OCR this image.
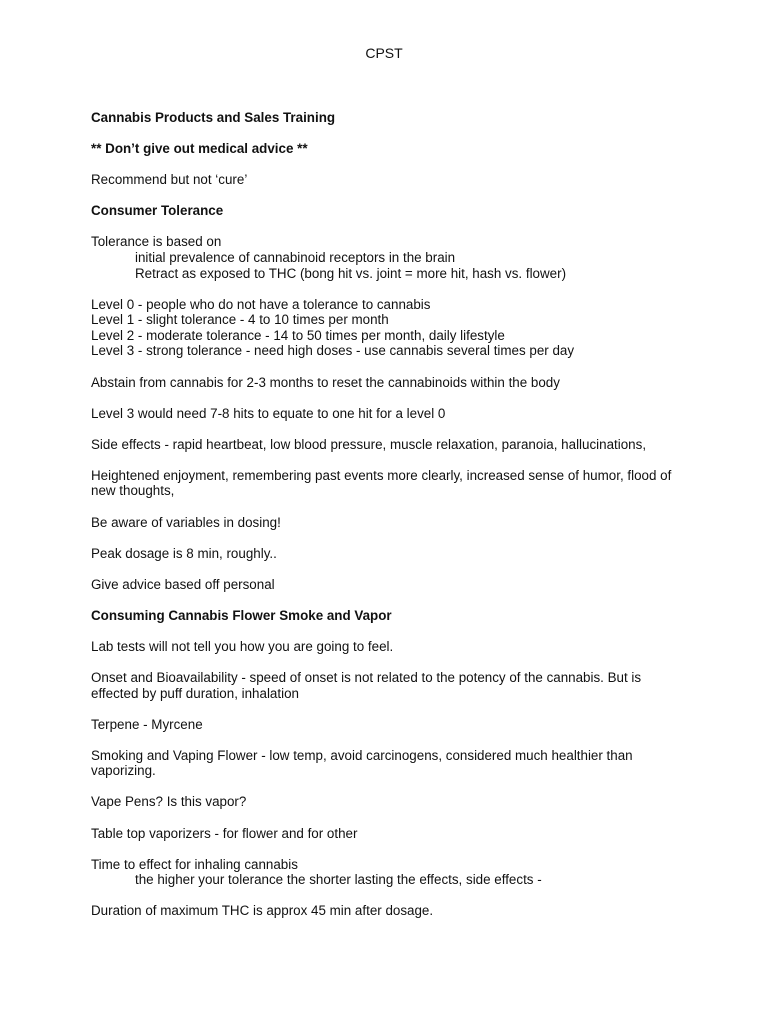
CPST

Cannabis Products and Sales Training

** Don’t give out medical advice **

Recommend but not ‘cure’

Consumer Tolerance

Tolerance is based on
initial prevalence of cannabinoid receptors in the brain
Retract as exposed to THC (bong hit vs. joint = more hit, hash vs. flower)

Level 0 - people who do not have a tolerance to cannabis
Level 1 - slight tolerance - 4 to 10 times per month
Level 2 - moderate tolerance - 14 to 50 times per month, daily lifestyle
Level 3 - strong tolerance - need high doses - use cannabis several times per day

Abstain from cannabis for 2-3 months to reset the cannabinoids within the body

Level 3 would need 7-8 hits to equate to one hit for a level 0

Side effects - rapid heartbeat, low blood pressure, muscle relaxation, paranoia, hallucinations,

Heightened enjoyment, remembering past events more clearly, increased sense of humor, flood of new thoughts,

Be aware of variables in dosing!

Peak dosage is 8 min, roughly..

Give advice based off personal

Consuming Cannabis Flower Smoke and Vapor

Lab tests will not tell you how you are going to feel.

Onset and Bioavailability - speed of onset is not related to the potency of the cannabis. But is effected by puff duration, inhalation

Terpene - Myrcene

Smoking and Vaping Flower - low temp, avoid carcinogens, considered much healthier than vaporizing.

Vape Pens? Is this vapor?

Table top vaporizers - for flower and for other

Time to effect for inhaling cannabis
the higher your tolerance the shorter lasting the effects, side effects -

Duration of maximum THC is approx 45 min after dosage.
